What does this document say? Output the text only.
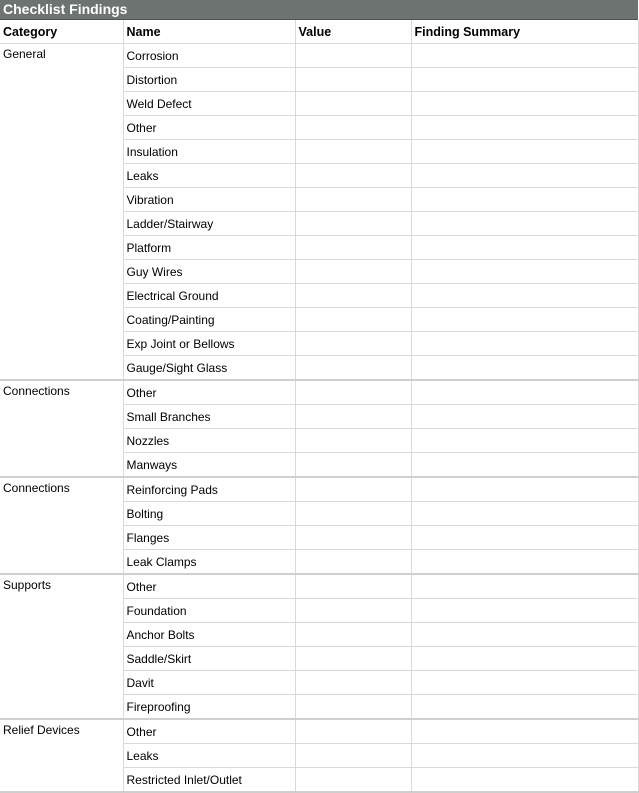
Checklist Findings
Category	Name	Value	Finding Summary
General	Corrosion		
	Distortion		
	Weld Defect		
	Other		
	Insulation		
	Leaks		
	Vibration		
	Ladder/Stairway		
	Platform		
	Guy Wires		
	Electrical Ground		
	Coating/Painting		
	Exp Joint or Bellows		
	Gauge/Sight Glass		
Connections	Other		
	Small Branches		
	Nozzles		
	Manways		
Connections	Reinforcing Pads		
	Bolting		
	Flanges		
	Leak Clamps		
Supports	Other		
	Foundation		
	Anchor Bolts		
	Saddle/Skirt		
	Davit		
	Fireproofing		
Relief Devices	Other		
	Leaks		
	Restricted Inlet/Outlet		
